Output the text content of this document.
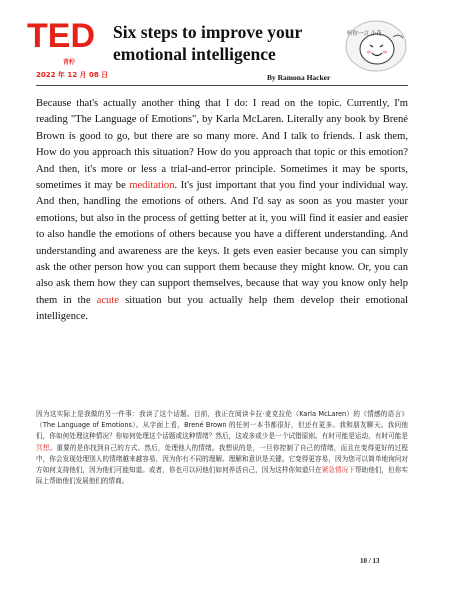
TED
青柠
2022 年 12 月 08 日
Six steps to improve your emotional intelligence
By Ramona Hacker
听你一言 小花
Because that's actually another thing that I do: I read on the topic. Currently, I'm reading "The Language of Emotions", by Karla McLaren. Literally any book by Brené Brown is good to go, but there are so many more. And I talk to friends. I ask them, How do you approach this situation? How do you approach that topic or this emotion? And then, it's more or less a trial-and-error principle. Sometimes it may be sports, sometimes it may be meditation. It's just important that you find your individual way. And then, handling the emotions of others. And I'd say as soon as you master your emotions, but also in the process of getting better at it, you will find it easier and easier to also handle the emotions of others because you have a different understanding. And understanding and awareness are the keys. It gets even easier because you can simply ask the other person how you can support them because they might know. Or, you can also ask them how they can support themselves, because that way you know only help them in the acute situation but you actually help them develop their emotional intelligence.
因为这实际上是我做的另一件事：我读了这个话题。目前，我正在阅读卡拉·麦克拉伦（Karla McLaren）的《情感的语言》（The Language of Emotions）。从字面上看，Brené Brown 的任何一本书都很好，但还有更多。我和朋友聊天。我问他们，你如何处理这种情况？你如何处理这个话题或这种情绪？然后，这或多或少是一个试错原则。有时可能是运动，有时可能是冥想。重要的是你找到自己的方式。然后，处理他人的情绪。我想说的是，一旦你控制了自己的情绪，而且在变得更好的过程中，你会发现处理别人的情绪越来越容易，因为你有不同的理解。理解和意识是关键。它变得更容易，因为您可以简单地询问对方如何支持他们，因为他们可能知道。或者，你也可以问他们如何养活自己，因为这样你知道只在紧急情况下帮助他们，但你实际上帮助他们发展他们的情商。
10 / 13
